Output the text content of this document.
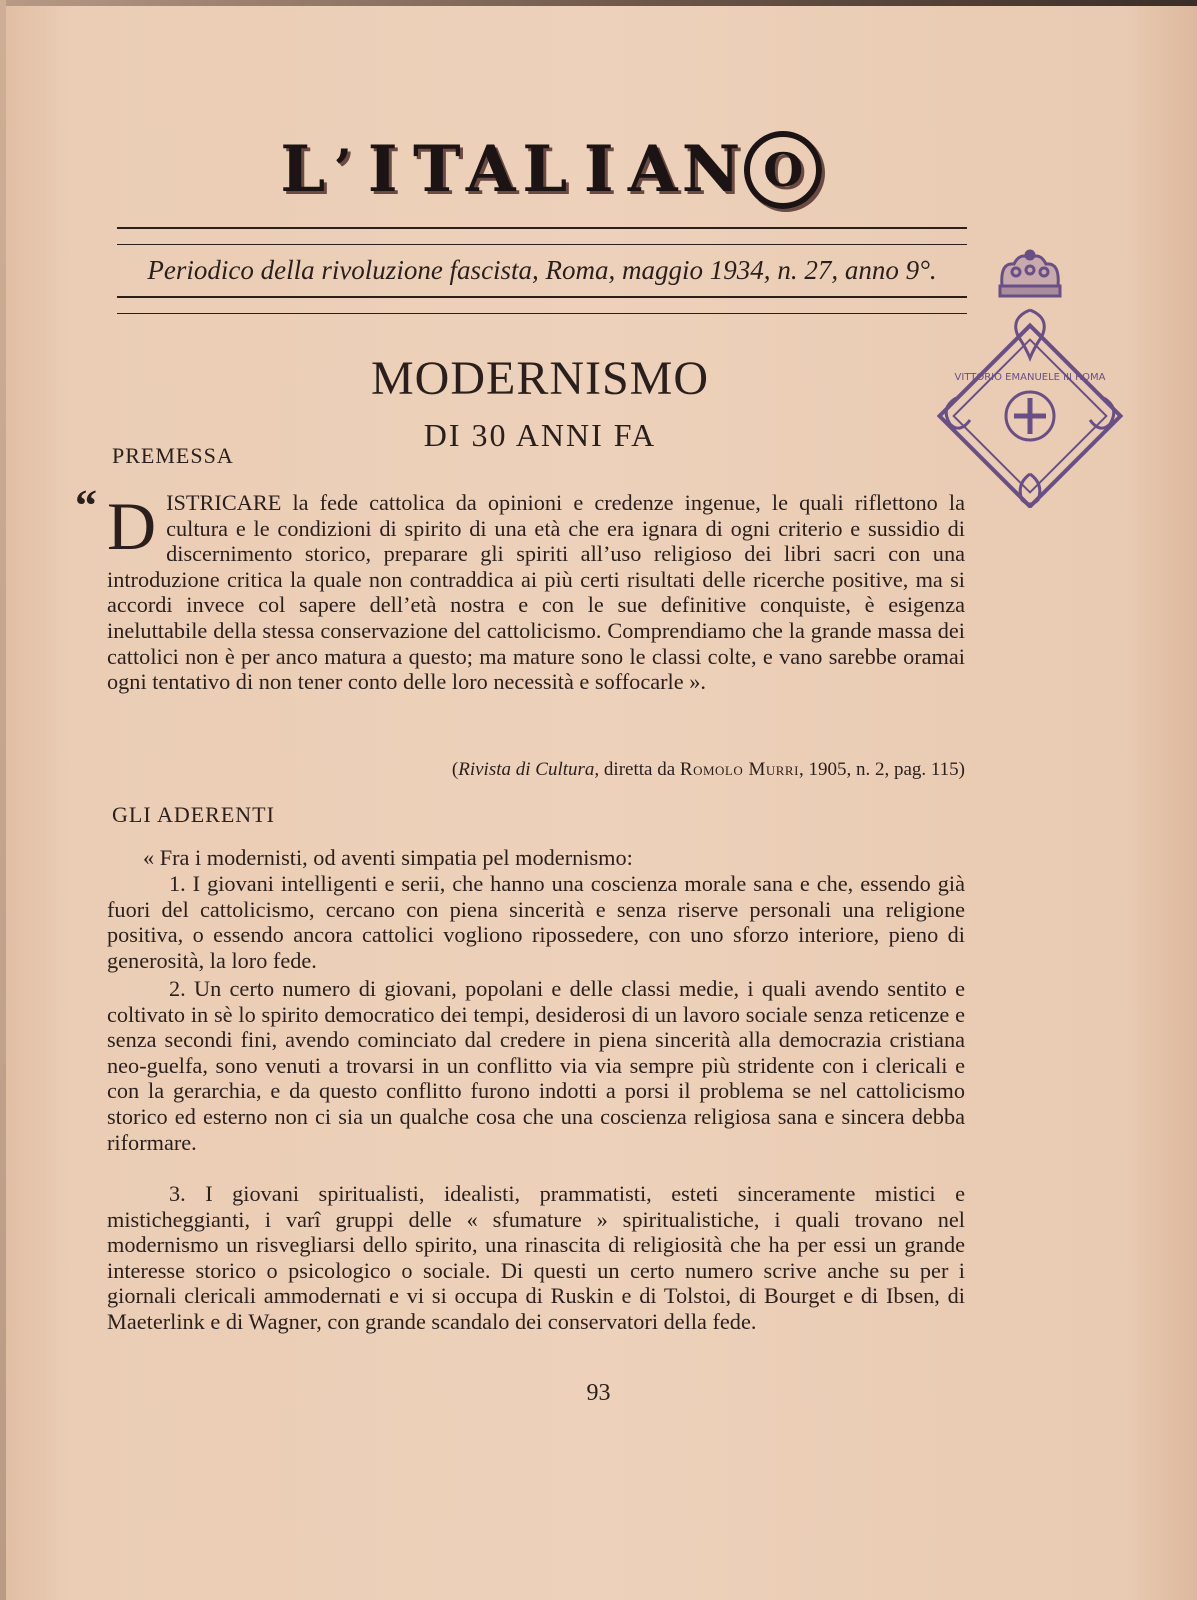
L ’ I T A L I A N O
Periodico della rivoluzione fascista, Roma, maggio 1934, n. 27, anno 9°.
VITTORIO EMANUELE III ROMA
MODERNISMO
DI 30 ANNI FA
PREMESSA
“ DISTRICARE la fede cattolica da opinioni e credenze ingenue, le quali riflettono la cultura e le condizioni di spirito di una età che era ignara di ogni criterio e sussidio di discernimento storico, preparare gli spiriti all’uso religioso dei libri sacri con una introduzione critica la quale non contraddica ai più certi risultati delle ricerche positive, ma si accordi invece col sapere dell’età nostra e con le sue definitive conquiste, è esigenza ineluttabile della stessa conservazione del cattolicismo. Comprendiamo che la grande massa dei cattolici non è per anco matura a questo; ma mature sono le classi colte, e vano sarebbe oramai ogni tentativo di non tener conto delle loro necessità e soffocarle ».

(Rivista di Cultura, diretta da Romolo Murri, 1905, n. 2, pag. 115)
GLI ADERENTI

« Fra i modernisti, od aventi simpatia pel modernismo:

1. I giovani intelligenti e serii, che hanno una coscienza morale sana e che, essendo già fuori del cattolicismo, cercano con piena sincerità e senza riserve personali una religione positiva, o essendo ancora cattolici vogliono ripossedere, con uno sforzo interiore, pieno di generosità, la loro fede.

2. Un certo numero di giovani, popolani e delle classi medie, i quali avendo sentito e coltivato in sè lo spirito democratico dei tempi, desiderosi di un lavoro sociale senza reticenze e senza secondi fini, avendo cominciato dal credere in piena sincerità alla democrazia cristiana neo-guelfa, sono venuti a trovarsi in un conflitto via via sempre più stridente con i clericali e con la gerarchia, e da questo conflitto furono indotti a porsi il problema se nel cattolicismo storico ed esterno non ci sia un qualche cosa che una coscienza religiosa sana e sincera debba riformare.

3. I giovani spiritualisti, idealisti, prammatisti, esteti sinceramente mistici e misticheggianti, i varî gruppi delle « sfumature » spiritualistiche, i quali trovano nel modernismo un risvegliarsi dello spirito, una rinascita di religiosità che ha per essi un grande interesse storico o psicologico o sociale. Di questi un certo numero scrive anche su per i giornali clericali ammodernati e vi si occupa di Ruskin e di Tolstoi, di Bourget e di Ibsen, di Maeterlink e di Wagner, con grande scandalo dei conservatori della fede.

93
